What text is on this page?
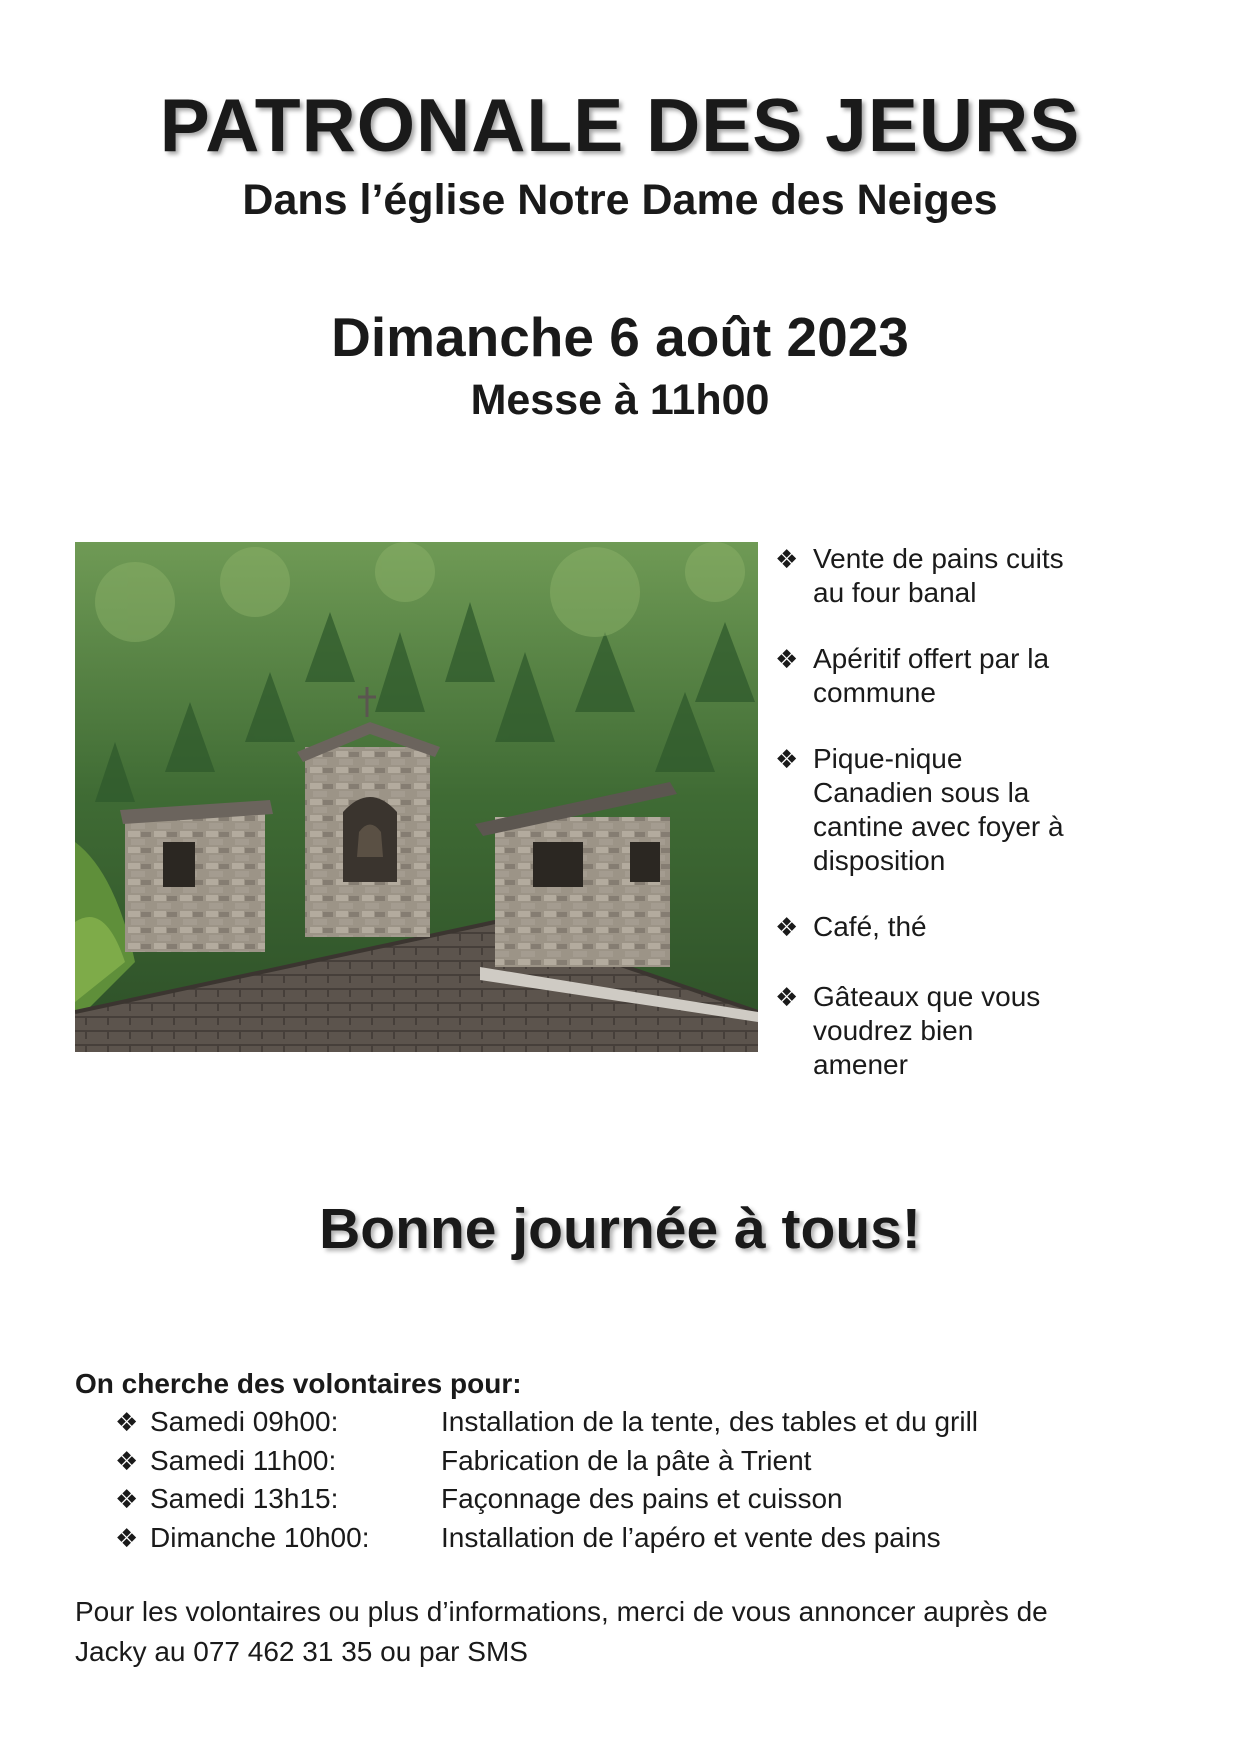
PATRONALE DES JEURS
Dans l’église Notre Dame des Neiges
Dimanche 6 août 2023
Messe à 11h00
❖ Vente de pains cuits au four banal
❖ Apéritif offert par la commune
❖ Pique-nique Canadien sous la cantine avec foyer à disposition
❖ Café, thé
❖ Gâteaux que vous voudrez bien amener
Bonne journée à tous!

On cherche des volontaires pour:

❖ Samedi 09h00:	Installation de la tente, des tables et du grill
❖ Samedi 11h00:	Fabrication de la pâte à Trient
❖ Samedi 13h15:	Façonnage des pains et cuisson
❖ Dimanche 10h00:	Installation de l’apéro et vente des pains

Pour les volontaires ou plus d’informations, merci de vous annoncer auprès de
Jacky au 077 462 31 35 ou par SMS
